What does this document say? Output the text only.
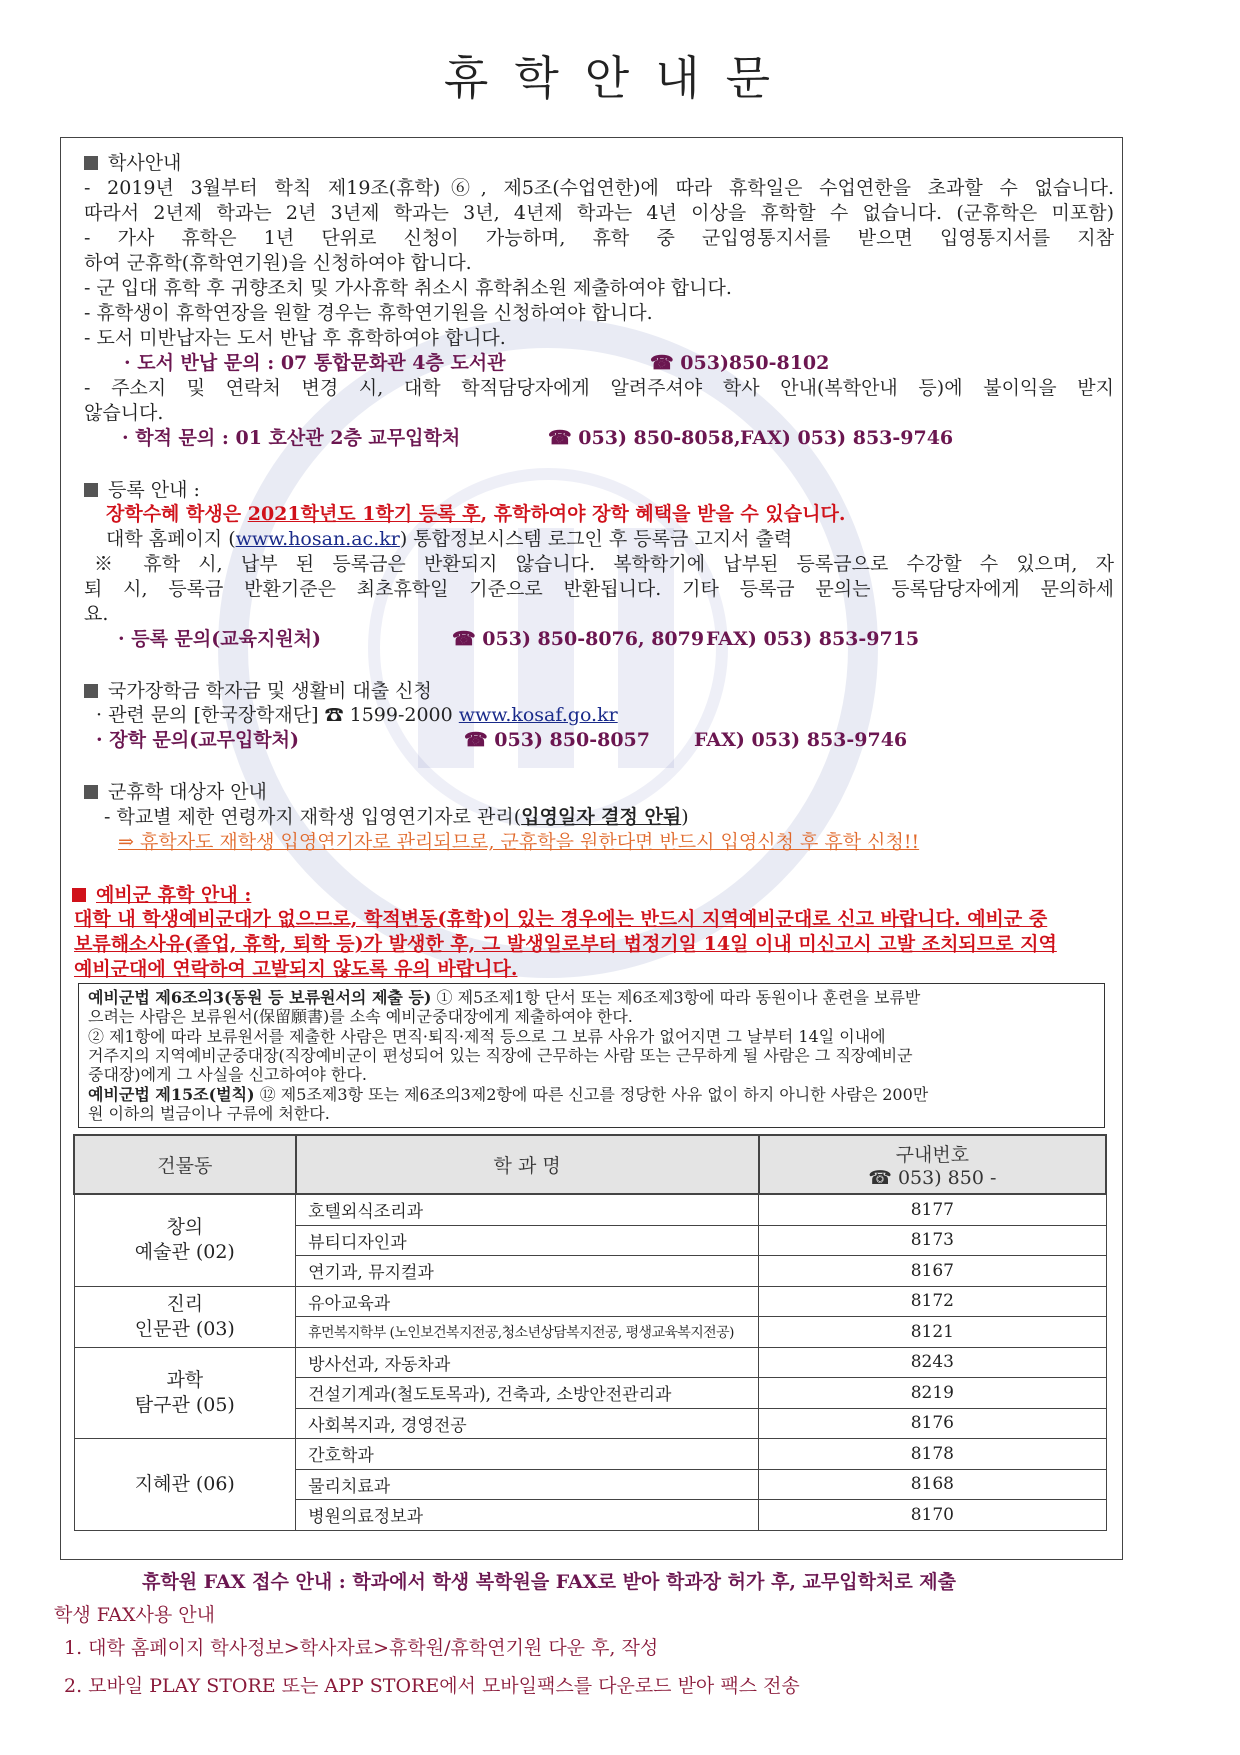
휴학안내문
학사안내
- 2019년 3월부터 학칙 제19조(휴학)⑥, 제5조(수업연한)에 따라 휴학일은 수업연한을 초과할 수 없습니다.
따라서 2년제 학과는 2년 3년제 학과는 3년, 4년제 학과는 4년 이상을 휴학할 수 없습니다. (군휴학은 미포함)
- 가사 휴학은 1년 단위로 신청이 가능하며, 휴학 중 군입영통지서를 받으면 입영통지서를 지참
하여 군휴학(휴학연기원)을 신청하여야 합니다.
- 군 입대 휴학 후 귀향조치 및 가사휴학 취소시 휴학취소원 제출하여야 합니다.
- 휴학생이 휴학연장을 원할 경우는 휴학연기원을 신청하여야 합니다.
- 도서 미반납자는 도서 반납 후 휴학하여야 합니다.
· 도서 반납 문의 : 07 통합문화관 4층 도서관	☎ 053)850-8102
- 주소지 및 연락처 변경 시, 대학 학적담당자에게 알려주셔야 학사 안내(복학안내 등)에 불이익을 받지
않습니다.
· 학적 문의 : 01 호산관 2층 교무입학처	☎ 053) 850-8058, FAX) 053) 853-9746
등록 안내 :
장학수혜 학생은 2021학년도 1학기 등록 후, 휴학하여야 장학 혜택을 받을 수 있습니다.
대학 홈페이지 (www.hosan.ac.kr) 통합정보시스템 로그인 후 등록금 고지서 출력
※ 휴학 시, 납부 된 등록금은 반환되지 않습니다. 복학학기에 납부된 등록금으로 수강할 수 있으며, 자
퇴 시, 등록금 반환기준은 최초휴학일 기준으로 반환됩니다. 기타 등록금 문의는 등록담당자에게 문의하세
요.
· 등록 문의(교육지원처)	☎ 053) 850-8076, 8079 FAX) 053) 853-9715
국가장학금 학자금 및 생활비 대출 신청
· 관련 문의 [한국장학재단] ☎ 1599-2000 www.kosaf.go.kr
· 장학 문의(교무입학처)	☎ 053) 850-8057	FAX) 053) 853-9746
군휴학 대상자 안내
- 학교별 제한 연령까지 재학생 입영연기자로 관리(입영일자 결정 안됨)
⇒ 휴학자도 재학생 입영연기자로 관리되므로, 군휴학을 원한다면 반드시 입영신청 후 휴학 신청!!
예비군 휴학 안내 :
대학 내 학생예비군대가 없으므로, 학적변동(휴학)이 있는 경우에는 반드시 지역예비군대로 신고 바랍니다. 예비군 중
보류해소사유(졸업, 휴학, 퇴학 등)가 발생한 후, 그 발생일로부터 법정기일 14일 이내 미신고시 고발 조치되므로 지역
예비군대에 연락하여 고발되지 않도록 유의 바랍니다.
예비군법 제6조의3(동원 등 보류원서의 제출 등) ① 제5조제1항 단서 또는 제6조제3항에 따라 동원이나 훈련을 보류받
으려는 사람은 보류원서(保留願書)를 소속 예비군중대장에게 제출하여야 한다.
② 제1항에 따라 보류원서를 제출한 사람은 면직·퇴직·제적 등으로 그 보류 사유가 없어지면 그 날부터 14일 이내에
거주지의 지역예비군중대장(직장예비군이 편성되어 있는 직장에 근무하는 사람 또는 근무하게 될 사람은 그 직장예비군
중대장)에게 그 사실을 신고하여야 한다.
예비군법 제15조(벌칙) ⑫ 제5조제3항 또는 제6조의3제2항에 따른 신고를 정당한 사유 없이 하지 아니한 사람은 200만
원 이하의 벌금이나 구류에 처한다.
건물동	학 과 명	구내번호
☎ 053) 850 -

창의
예술관 (02)	호텔외식조리과	8177
	뷰티디자인과	8173
	연기과, 뮤지컬과	8167

진리
인문관 (03)	유아교육과	8172
	휴먼복지학부 (노인보건복지전공,청소년상담복지전공, 평생교육복지전공)	8121

과학
탐구관 (05)	방사선과, 자동차과	8243
	건설기계과(철도토목과), 건축과, 소방안전관리과	8219
	사회복지과, 경영전공	8176

지혜관 (06)	간호학과	8178
	물리치료과	8168
	병원의료정보과	8170
휴학원 FAX 접수 안내 : 학과에서 학생 복학원을 FAX로 받아 학과장 허가 후, 교무입학처로 제출
학생 FAX사용 안내
1. 대학 홈페이지 학사정보>학사자료>휴학원/휴학연기원 다운 후, 작성
2. 모바일 PLAY STORE 또는 APP STORE에서 모바일팩스를 다운로드 받아 팩스 전송
